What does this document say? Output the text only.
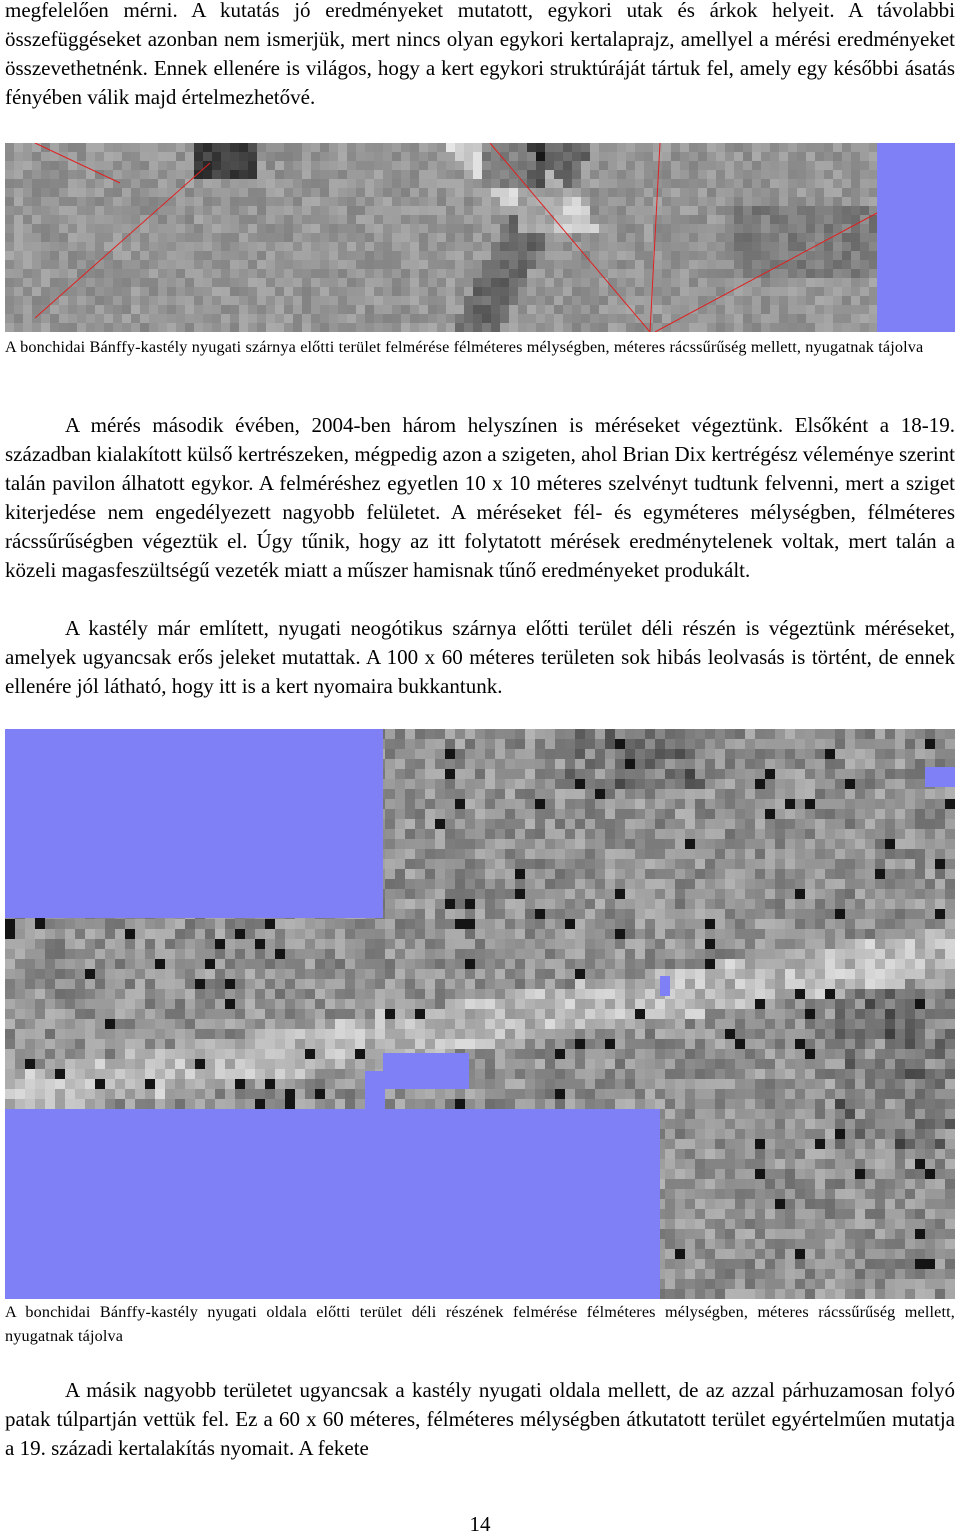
megfelelően mérni. A kutatás jó eredményeket mutatott, egykori utak és árkok helyeit. A távolabbi összefüggéseket azonban nem ismerjük, mert nincs olyan egykori kertalaprajz, amellyel a mérési eredményeket összevethetnénk. Ennek ellenére is világos, hogy a kert egykori struktúráját tártuk fel, amely egy későbbi ásatás fényében válik majd értelmezhetővé.

A bonchidai Bánffy-kastély nyugati szárnya előtti terület felmérése félméteres mélységben, méteres rácssűrűség mellett, nyugatnak tájolva

A mérés második évében, 2004-ben három helyszínen is méréseket végeztünk. Elsőként a 18-19. században kialakított külső kertrészeken, mégpedig azon a szigeten, ahol Brian Dix kertrégész véleménye szerint talán pavilon álhatott egykor. A felméréshez egyetlen 10 x 10 méteres szelvényt tudtunk felvenni, mert a sziget kiterjedése nem engedélyezett nagyobb felületet. A méréseket fél- és egyméteres mélységben, félméteres rácssűrűségben végeztük el. Úgy tűnik, hogy az itt folytatott mérések eredménytelenek voltak, mert talán a közeli magasfeszültségű vezeték miatt a műszer hamisnak tűnő eredményeket produkált.

A kastély már említett, nyugati neogótikus szárnya előtti terület déli részén is végeztünk méréseket, amelyek ugyancsak erős jeleket mutattak. A 100 x 60 méteres területen sok hibás leolvasás is történt, de ennek ellenére jól látható, hogy itt is a kert nyomaira bukkantunk.

A bonchidai Bánffy-kastély nyugati oldala előtti terület déli részének felmérése félméteres mélységben, méteres rácssűrűség mellett, nyugatnak tájolva

A másik nagyobb területet ugyancsak a kastély nyugati oldala mellett, de az azzal párhuzamosan folyó patak túlpartján vettük fel. Ez a 60 x 60 méteres, félméteres mélységben átkutatott terület egyértelműen mutatja a 19. századi kertalakítás nyomait. A fekete

14
